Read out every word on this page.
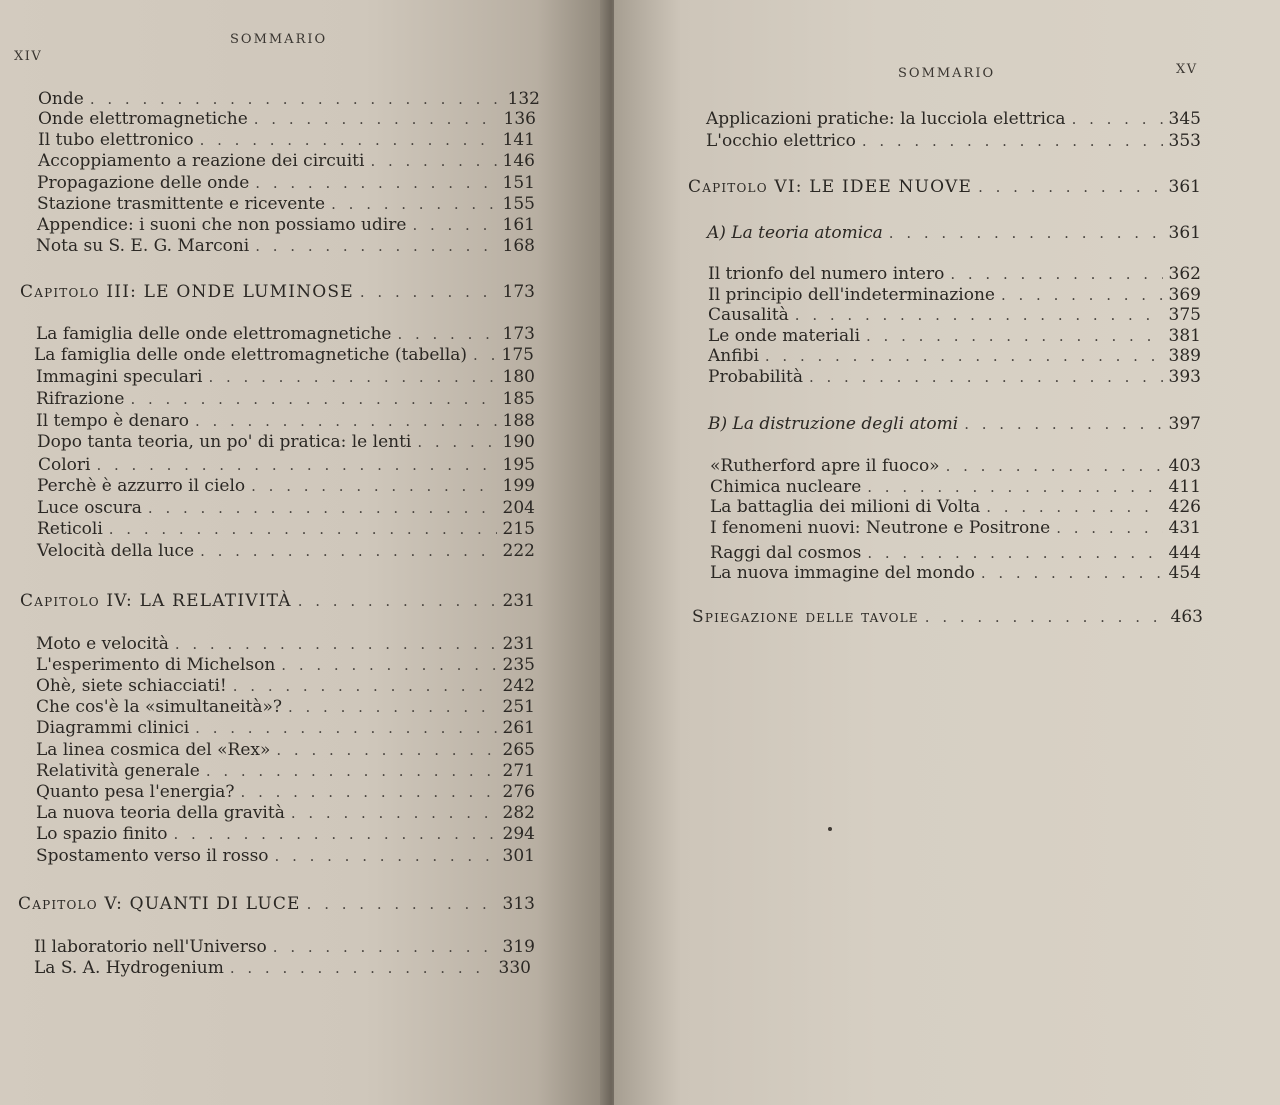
XIV
SOMMARIO
Onde . . .	132
Onde elettromagnetiche . . .	136
Il tubo elettronico . . .	141
Accoppiamento a reazione dei circuiti . . .	146
Propagazione delle onde . . .	151
Stazione trasmittente e ricevente . . .	155
Appendice: i suoni che non possiamo udire . . .	161
Nota su S. E. G. Marconi . . .	168
Capitolo III: LE ONDE LUMINOSE . . .	173
La famiglia delle onde elettromagnetiche . . .	173
La famiglia delle onde elettromagnetiche (tabella) . . . 175
Immagini speculari . . .	180
Rifrazione . . .	185
Il tempo è denaro . . .	188
Dopo tanta teoria, un po' di pratica: le lenti . . .	190
Colori . . .	195
Perchè è azzurro il cielo . . .	199
Luce oscura . . .	204
Reticoli . . .	215
Velocità della luce . . .	222
Capitolo IV: LA RELATIVITÀ . . .	231
Moto e velocità . . .	231
L'esperimento di Michelson . . .	235
Ohè, siete schiacciati! . . .	242
Che cos'è la «simultaneità»? . . .	251
Diagrammi clinici . . .	261
La linea cosmica del «Rex» . . .	265
Relatività generale . . .	271
Quanto pesa l'energia? . . .	276
La nuova teoria della gravità . . .	282
Lo spazio finito . . .	294
Spostamento verso il rosso . . .	301
Capitolo V: QUANTI DI LUCE . . .	313
Il laboratorio nell'Universo . . .	319
La S. A. Hydrogenium . . .	330
SOMMARIO	XV
Applicazioni pratiche: la lucciola elettrica . . .	345
L'occhio elettrico . . .	353
Capitolo VI: LE IDEE NUOVE . . .	361
A) La teoria atomica . . .	361
Il trionfo del numero intero . . .	362
Il principio dell'indeterminazione . . .	369
Causalità . . .	375
Le onde materiali . . .	381
Anfibi . . .	389
Probabilità . . .	393
B) La distruzione degli atomi . . .	397
«Rutherford apre il fuoco» . . .	403
Chimica nucleare . . .	411
La battaglia dei milioni di Volta . . .	426
I fenomeni nuovi: Neutrone e Positrone . . .	431
Raggi dal cosmos . . .	444
La nuova immagine del mondo . . .	454
Spiegazione delle tavole . . .	463
